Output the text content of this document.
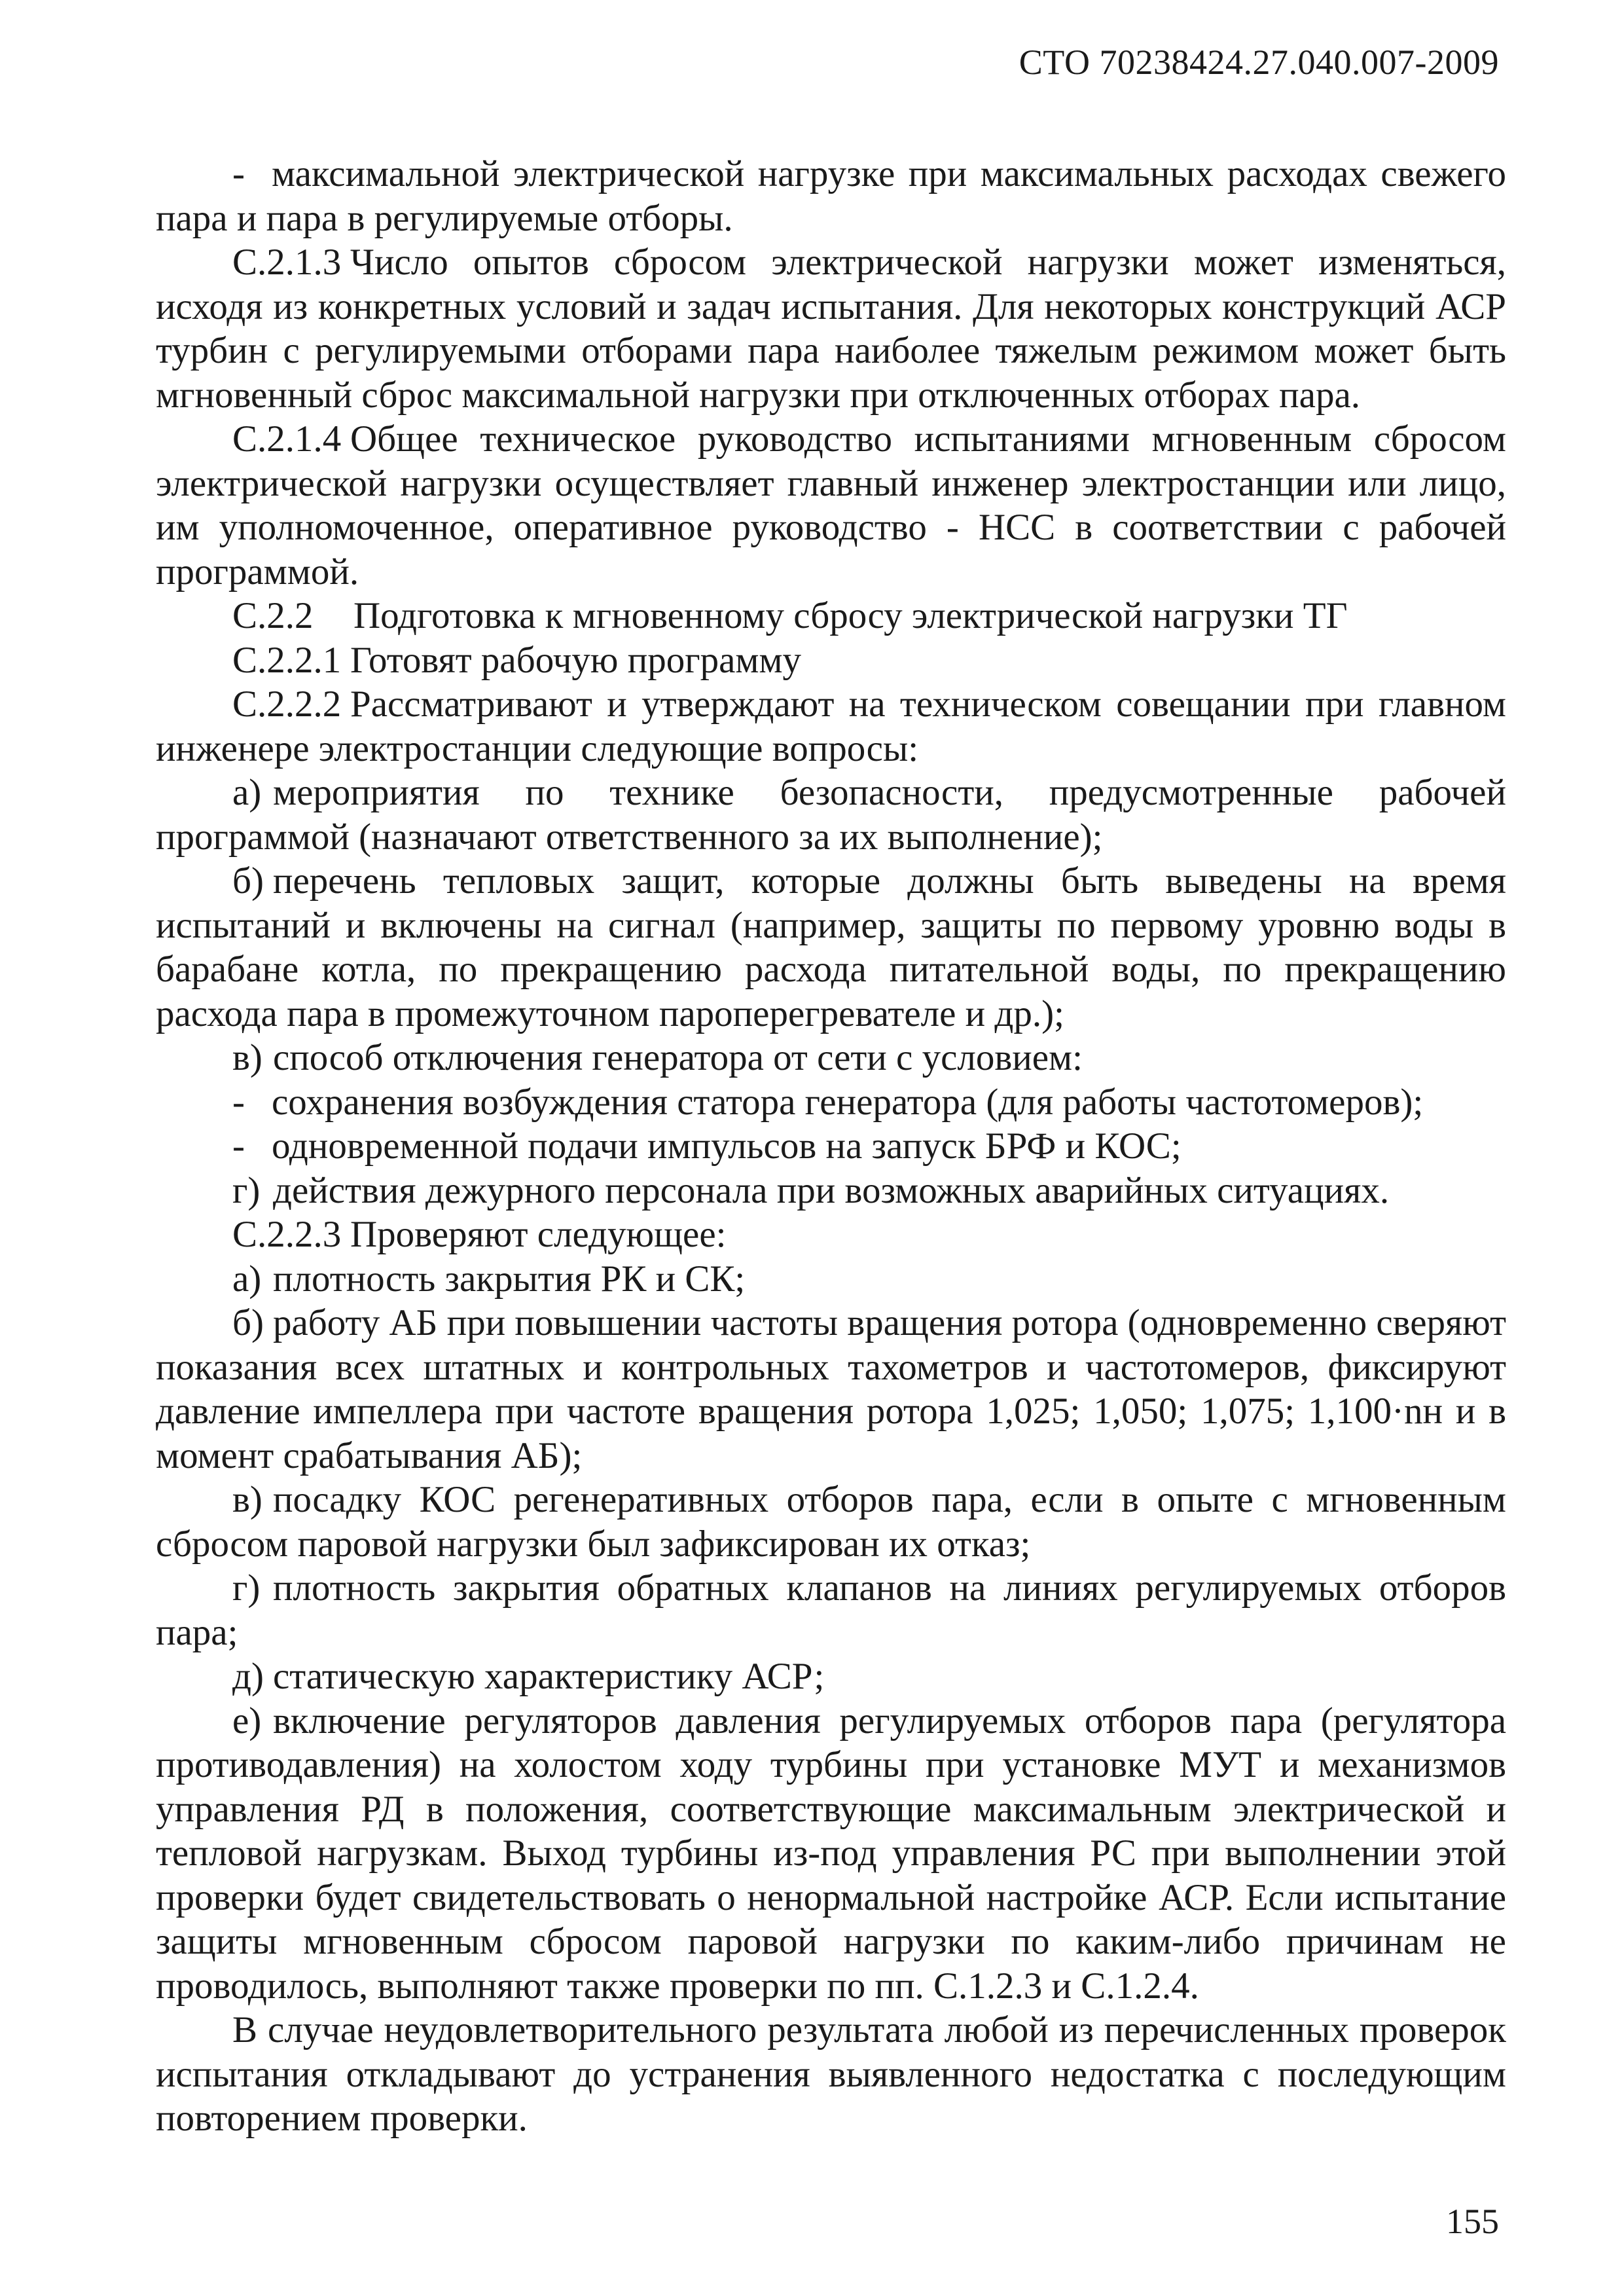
СТО 70238424.27.040.007-2009

- максимальной электрической нагрузке при максимальных расходах свежего пара и пара в регулируемые отборы.

С.2.1.3 Число опытов сбросом электрической нагрузки может изменяться, исходя из конкретных условий и задач испытания. Для некоторых конструкций АСР турбин с регулируемыми отборами пара наиболее тяжелым режимом может быть мгновенный сброс максимальной нагрузки при отключенных отборах пара.

С.2.1.4 Общее техническое руководство испытаниями мгновенным сбросом электрической нагрузки осуществляет главный инженер электростанции или лицо, им уполномоченное, оперативное руководство - НСС в соответствии с рабочей программой.

С.2.2 Подготовка к мгновенному сбросу электрической нагрузки ТГ

С.2.2.1 Готовят рабочую программу

С.2.2.2 Рассматривают и утверждают на техническом совещании при главном инженере электростанции следующие вопросы:

а) мероприятия по технике безопасности, предусмотренные рабочей программой (назначают ответственного за их выполнение);

б) перечень тепловых защит, которые должны быть выведены на время испытаний и включены на сигнал (например, защиты по первому уровню воды в барабане котла, по прекращению расхода питательной воды, по прекращению расхода пара в промежуточном пароперегревателе и др.);

в) способ отключения генератора от сети с условием:

- сохранения возбуждения статора генератора (для работы частотомеров);

- одновременной подачи импульсов на запуск БРФ и КОС;

г) действия дежурного персонала при возможных аварийных ситуациях.

С.2.2.3 Проверяют следующее:

а) плотность закрытия РК и СК;

б) работу АБ при повышении частоты вращения ротора (одновременно сверяют показания всех штатных и контрольных тахометров и частотомеров, фиксируют давление импеллера при частоте вращения ротора 1,025; 1,050; 1,075; 1,100·nн и в момент срабатывания АБ);

в) посадку КОС регенеративных отборов пара, если в опыте с мгновенным сбросом паровой нагрузки был зафиксирован их отказ;

г) плотность закрытия обратных клапанов на линиях регулируемых отборов пара;

д) статическую характеристику АСР;

е) включение регуляторов давления регулируемых отборов пара (регулятора противодавления) на холостом ходу турбины при установке МУТ и механизмов управления РД в положения, соответствующие максимальным электрической и тепловой нагрузкам. Выход турбины из-под управления РС при выполнении этой проверки будет свидетельствовать о ненормальной настройке АСР. Если испытание защиты мгновенным сбросом паровой нагрузки по каким-либо причинам не проводилось, выполняют также проверки по пп. С.1.2.3 и С.1.2.4.

В случае неудовлетворительного результата любой из перечисленных проверок испытания откладывают до устранения выявленного недостатка с последующим повторением проверки.

155
